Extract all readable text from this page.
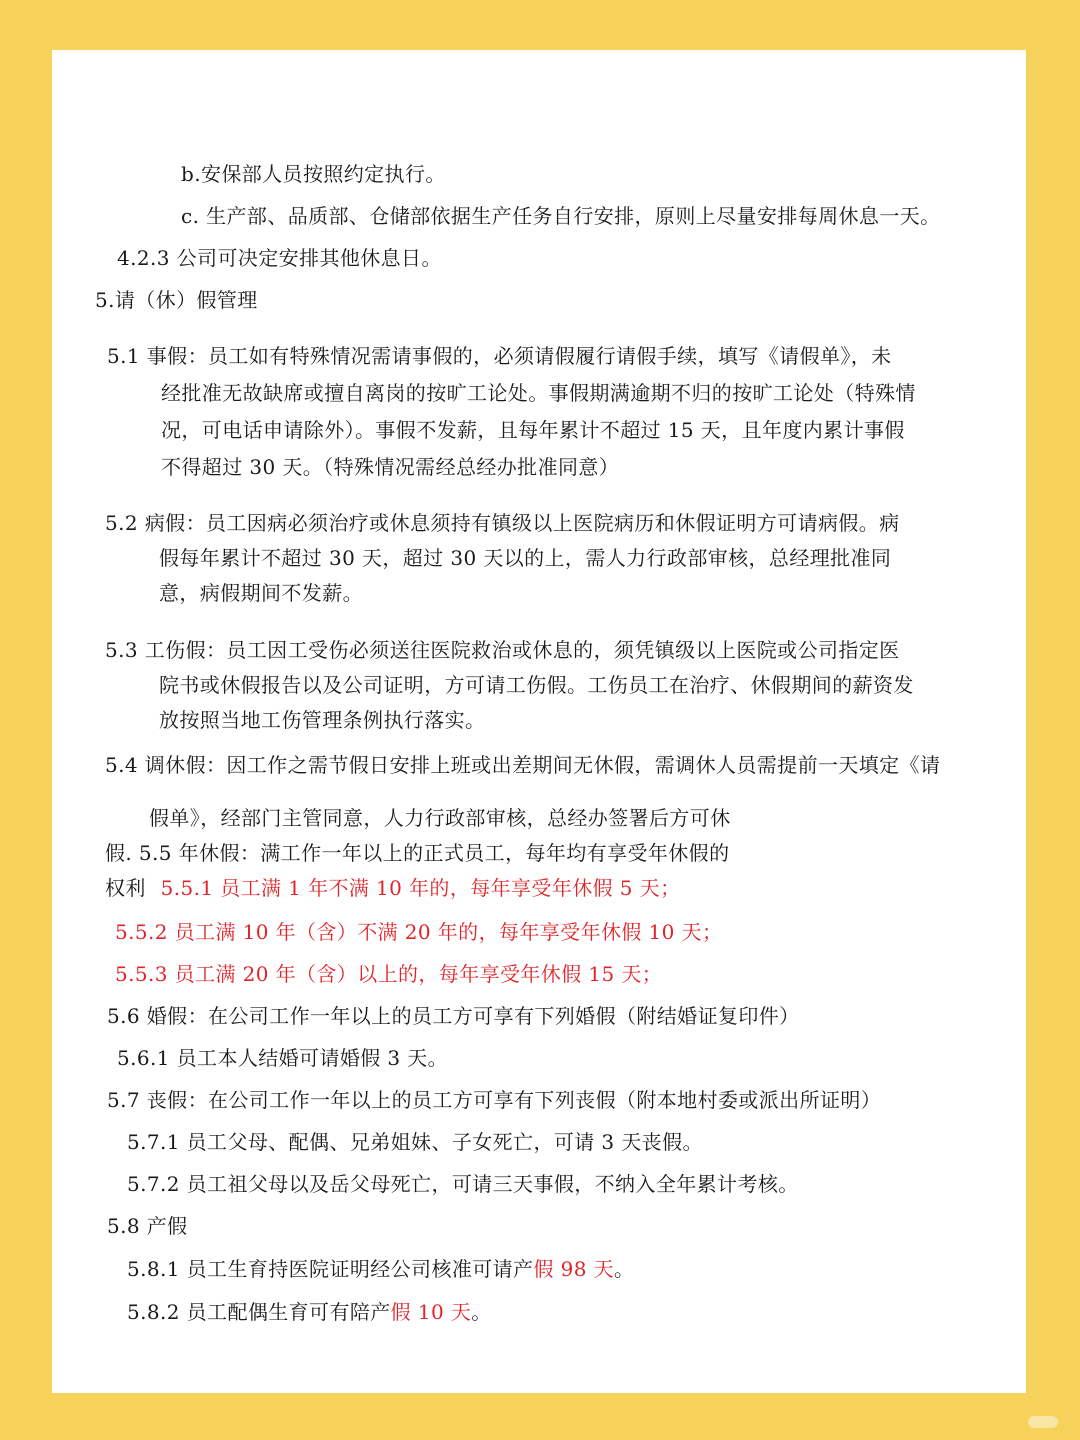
b.安保部人员按照约定执行。
c. 生产部、品质部、仓储部依据生产任务自行安排，原则上尽量安排每周休息一天。
4.2.3 公司可决定安排其他休息日。
5.请（休）假管理
5.1 事假：员工如有特殊情况需请事假的，必须请假履行请假手续，填写《请假单》，未
经批准无故缺席或擅自离岗的按旷工论处。事假期满逾期不归的按旷工论处（特殊情
况，可电话申请除外）。事假不发薪，且每年累计不超过 15 天，且年度内累计事假
不得超过 30 天。（特殊情况需经总经办批准同意）
5.2 病假：员工因病必须治疗或休息须持有镇级以上医院病历和休假证明方可请病假。病
假每年累计不超过 30 天，超过 30 天以的上，需人力行政部审核，总经理批准同
意，病假期间不发薪。
5.3 工伤假：员工因工受伤必须送往医院救治或休息的，须凭镇级以上医院或公司指定医
院书或休假报告以及公司证明，方可请工伤假。工伤员工在治疗、休假期间的薪资发
放按照当地工伤管理条例执行落实。
5.4 调休假：因工作之需节假日安排上班或出差期间无休假，需调休人员需提前一天填定《请
假单》，经部门主管同意，人力行政部审核，总经办签署后方可休
假. 5.5 年休假：满工作一年以上的正式员工，每年均有享受年休假的
权利 5.5.1 员工满 1 年不满 10 年的，每年享受年休假 5 天；
5.5.2 员工满 10 年（含）不满 20 年的，每年享受年休假 10 天；
5.5.3 员工满 20 年（含）以上的，每年享受年休假 15 天；
5.6 婚假：在公司工作一年以上的员工方可享有下列婚假（附结婚证复印件）
5.6.1 员工本人结婚可请婚假 3 天。
5.7 丧假：在公司工作一年以上的员工方可享有下列丧假（附本地村委或派出所证明）
5.7.1 员工父母、配偶、兄弟姐妹、子女死亡，可请 3 天丧假。
5.7.2 员工祖父母以及岳父母死亡，可请三天事假，不纳入全年累计考核。
5.8 产假
5.8.1 员工生育持医院证明经公司核准可请产假 98 天。
5.8.2 员工配偶生育可有陪产假 10 天。
